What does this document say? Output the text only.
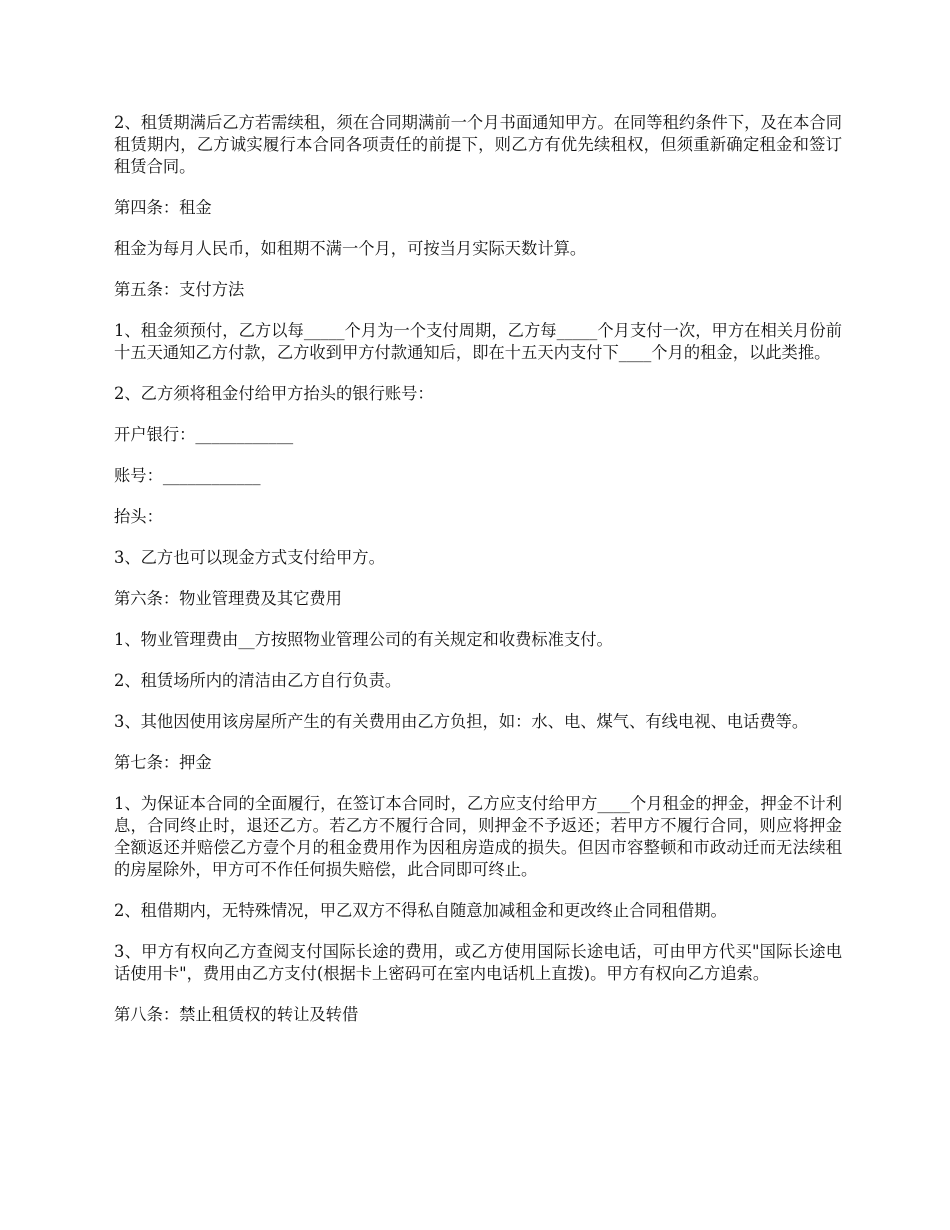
2、租赁期满后乙方若需续租，须在合同期满前一个月书面通知甲方。在同等租约条件下，及在本合同租赁期内，乙方诚实履行本合同各项责任的前提下，则乙方有优先续租权，但须重新确定租金和签订租赁合同。

第四条：租金

租金为每月人民币，如租期不满一个月，可按当月实际天数计算。

第五条：支付方法

1、租金须预付，乙方以每_____个月为一个支付周期，乙方每_____个月支付一次，甲方在相关月份前十五天通知乙方付款，乙方收到甲方付款通知后，即在十五天内支付下____个月的租金，以此类推。

2、乙方须将租金付给甲方抬头的银行账号：

开户银行：____________

账号：____________

抬头：

3、乙方也可以现金方式支付给甲方。

第六条：物业管理费及其它费用

1、物业管理费由__方按照物业管理公司的有关规定和收费标准支付。

2、租赁场所内的清洁由乙方自行负责。

3、其他因使用该房屋所产生的有关费用由乙方负担，如：水、电、煤气、有线电视、电话费等。

第七条：押金

1、为保证本合同的全面履行，在签订本合同时，乙方应支付给甲方____个月租金的押金，押金不计利息，合同终止时，退还乙方。若乙方不履行合同，则押金不予返还；若甲方不履行合同，则应将押金全额返还并赔偿乙方壹个月的租金费用作为因租房造成的损失。但因市容整顿和市政动迁而无法续租的房屋除外，甲方可不作任何损失赔偿，此合同即可终止。

2、租借期内，无特殊情况，甲乙双方不得私自随意加减租金和更改终止合同租借期。

3、甲方有权向乙方查阅支付国际长途的费用，或乙方使用国际长途电话，可由甲方代买"国际长途电话使用卡"，费用由乙方支付(根据卡上密码可在室内电话机上直拨)。甲方有权向乙方追索。

第八条：禁止租赁权的转让及转借
